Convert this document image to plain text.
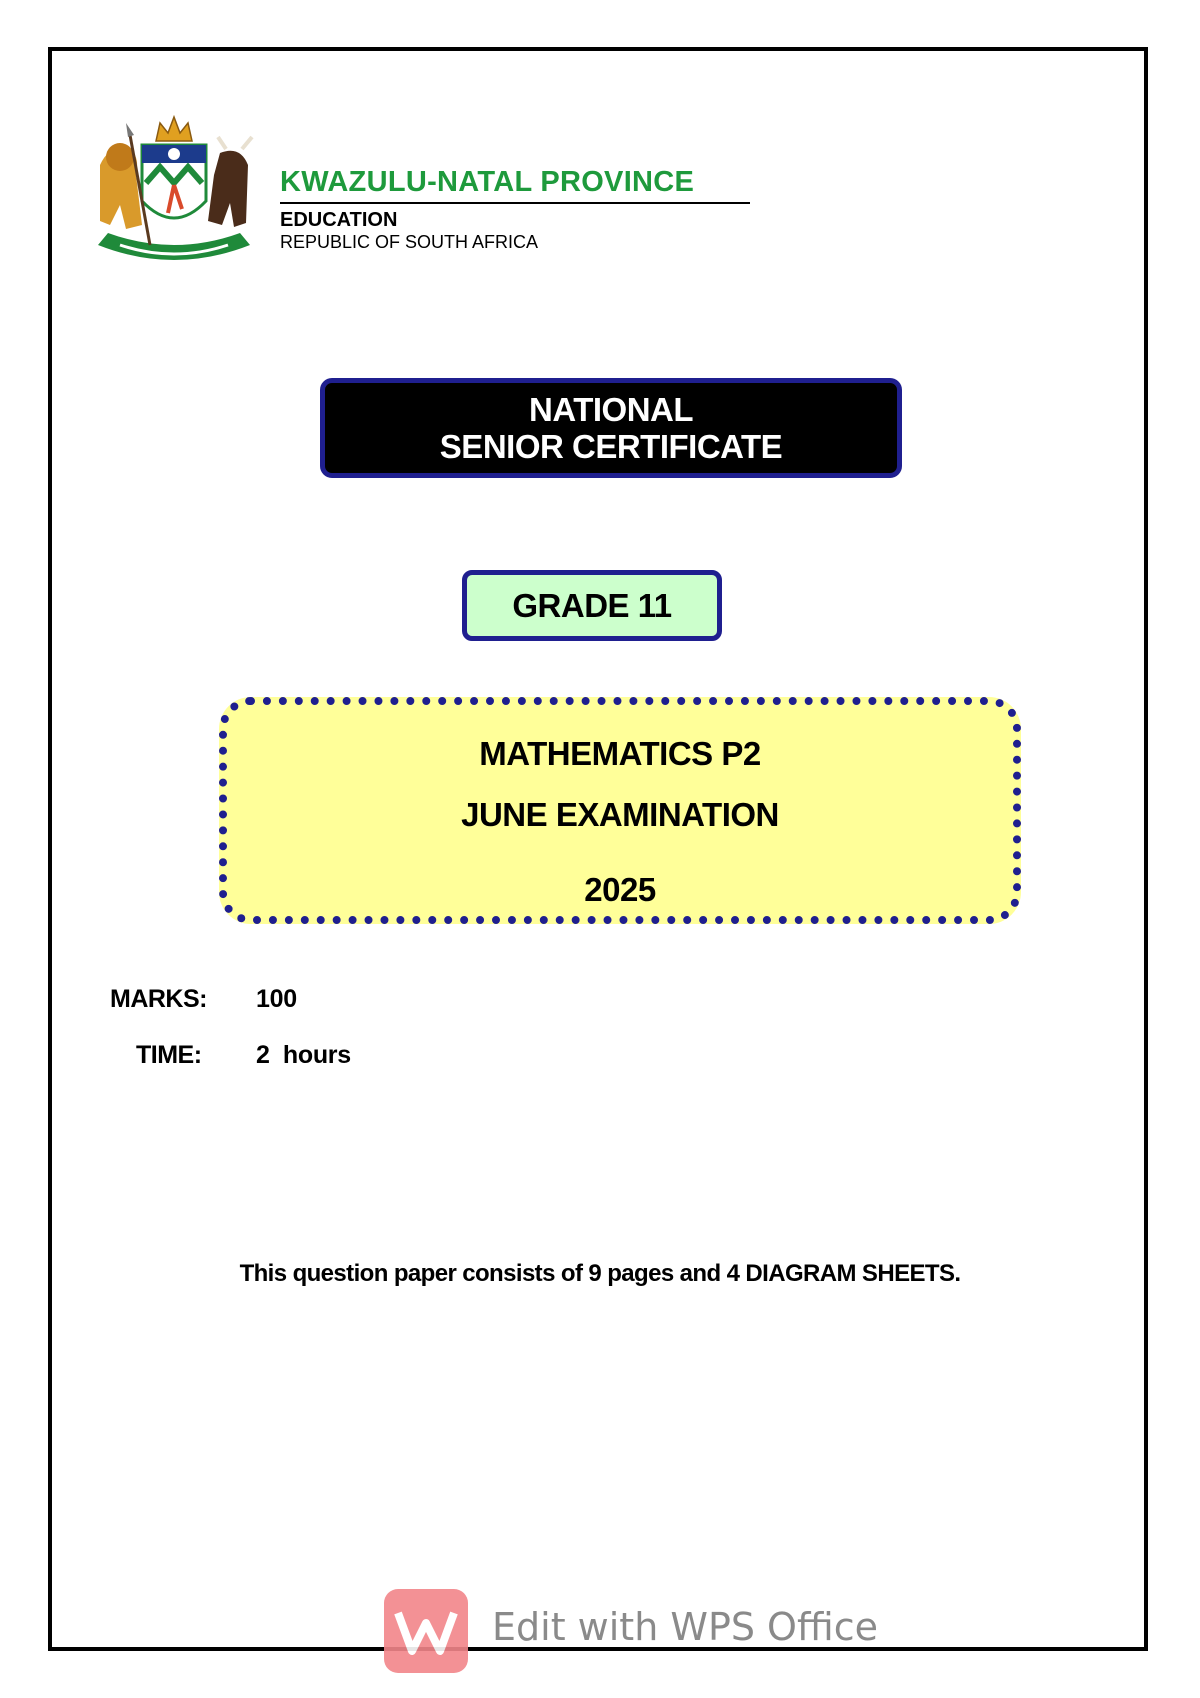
KWAZULU-NATAL PROVINCE
EDUCATION
REPUBLIC OF SOUTH AFRICA
NATIONAL
SENIOR CERTIFICATE
GRADE 11
MATHEMATICS P2
JUNE EXAMINATION
2025
MARKS: 100
TIME: 2  hours
This question paper consists of 9 pages and 4 DIAGRAM SHEETS.
Edit with WPS Office
